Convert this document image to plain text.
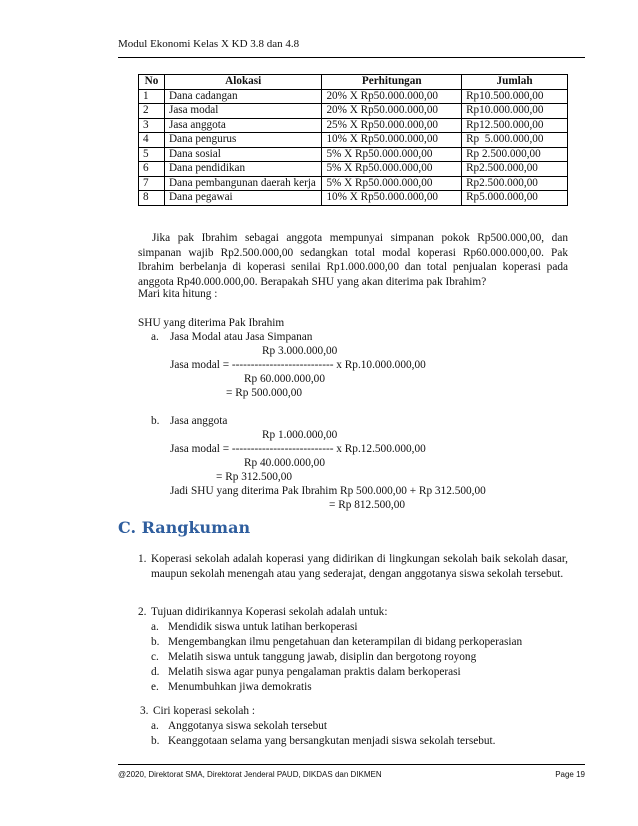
Modul Ekonomi Kelas X KD 3.8 dan 4.8
No	Alokasi	Perhitungan	Jumlah
1	Dana cadangan	20% X Rp50.000.000,00	Rp10.500.000,00
2	Jasa modal	20% X Rp50.000.000,00	Rp10.000.000,00
3	Jasa anggota	25% X Rp50.000.000,00	Rp12.500.000,00
4	Dana pengurus	10% X Rp50.000.000,00	Rp  5.000.000,00
5	Dana sosial	5% X Rp50.000.000,00	Rp 2.500.000,00
6	Dana pendidikan	5% X Rp50.000.000,00	Rp2.500.000,00
7	Dana pembangunan daerah kerja	5% X Rp50.000.000,00	Rp2.500.000,00
8	Dana pegawai	10% X Rp50.000.000,00	Rp5.000.000,00
Jika pak Ibrahim sebagai anggota mempunyai simpanan pokok Rp500.000,00, dan simpanan wajib Rp2.500.000,00 sedangkan total modal koperasi Rp60.000.000,00. Pak Ibrahim berbelanja di koperasi senilai Rp1.000.000,00 dan total penjualan koperasi pada anggota Rp40.000.000,00. Berapakah SHU yang akan diterima pak Ibrahim?
Mari kita hitung :
SHU yang diterima Pak Ibrahim
a. Jasa Modal atau Jasa Simpanan
Rp 3.000.000,00
Jasa modal = --------------------------- x Rp.10.000.000,00
Rp 60.000.000,00
= Rp 500.000,00
b. Jasa anggota
Rp 1.000.000,00
Jasa modal = --------------------------- x Rp.12.500.000,00
Rp 40.000.000,00
= Rp 312.500,00
Jadi SHU yang diterima Pak Ibrahim Rp 500.000,00 + Rp 312.500,00
= Rp 812.500,00
C. Rangkuman
1. Koperasi sekolah adalah koperasi yang didirikan di lingkungan sekolah baik sekolah dasar, maupun sekolah menengah atau yang sederajat, dengan anggotanya siswa sekolah tersebut.
2. Tujuan didirikannya Koperasi sekolah adalah untuk:
a. Mendidik siswa untuk latihan berkoperasi
b. Mengembangkan ilmu pengetahuan dan keterampilan di bidang perkoperasian
c. Melatih siswa untuk tanggung jawab, disiplin dan bergotong royong
d. Melatih siswa agar punya pengalaman praktis dalam berkoperasi
e. Menumbuhkan jiwa demokratis
3. Ciri koperasi sekolah :
a. Anggotanya siswa sekolah tersebut
b. Keanggotaan selama yang bersangkutan menjadi siswa sekolah tersebut.
@2020, Direktorat SMA, Direktorat Jenderal PAUD, DIKDAS dan DIKMEN	Page 19
